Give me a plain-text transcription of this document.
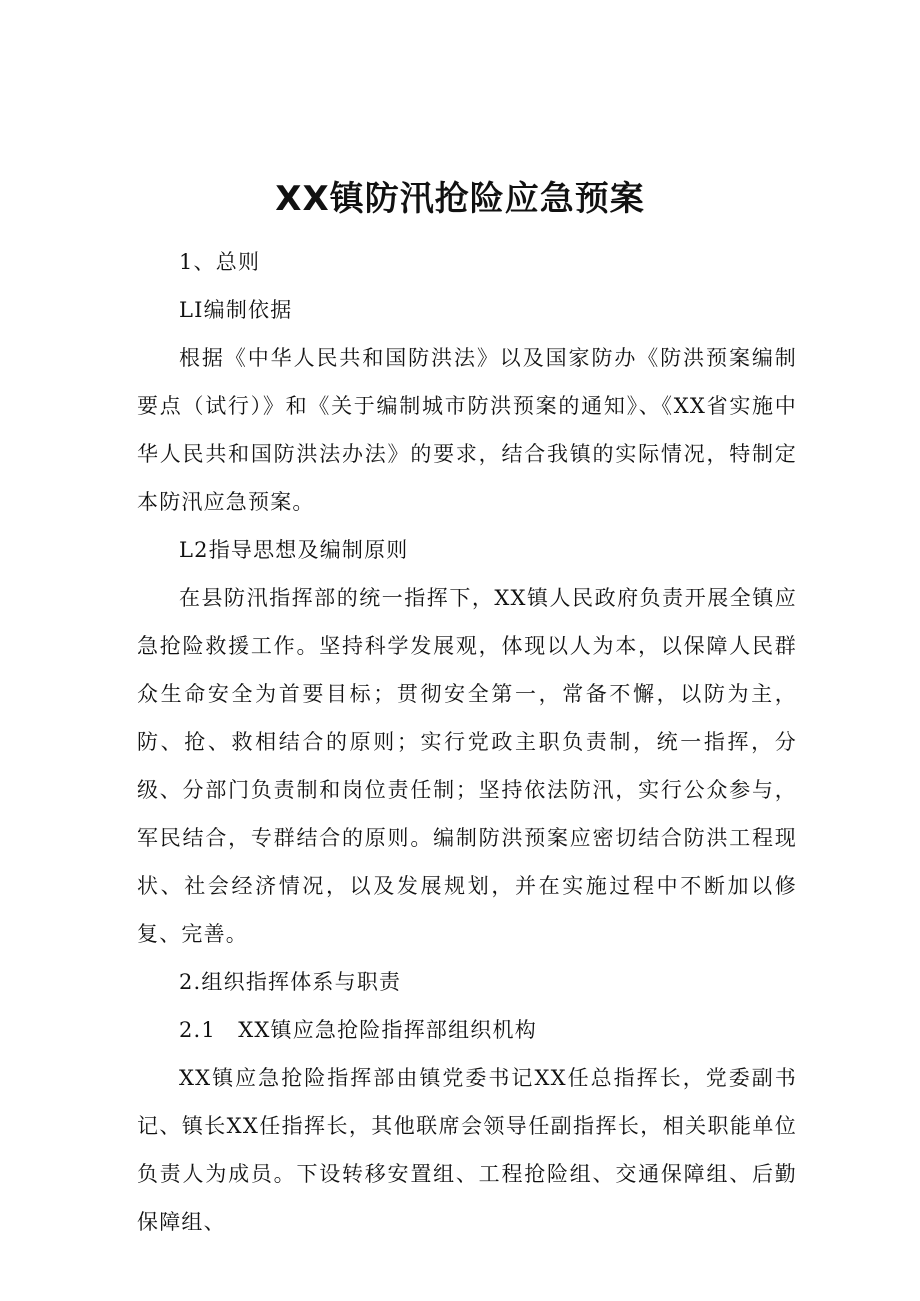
XX镇防汛抢险应急预案

1、总则

LI编制依据

根据《中华人民共和国防洪法》以及国家防办《防洪预案编制要点（试行）》和《关于编制城市防洪预案的通知》、《XX省实施中华人民共和国防洪法办法》的要求，结合我镇的实际情况，特制定本防汛应急预案。

L2指导思想及编制原则

在县防汛指挥部的统一指挥下，XX镇人民政府负责开展全镇应急抢险救援工作。坚持科学发展观，体现以人为本，以保障人民群众生命安全为首要目标；贯彻安全第一，常备不懈，以防为主，防、抢、救相结合的原则；实行党政主职负责制，统一指挥，分级、分部门负责制和岗位责任制；坚持依法防汛，实行公众参与，军民结合，专群结合的原则。编制防洪预案应密切结合防洪工程现状、社会经济情况，以及发展规划，并在实施过程中不断加以修复、完善。

2.组织指挥体系与职责

2.1　XX镇应急抢险指挥部组织机构

XX镇应急抢险指挥部由镇党委书记XX任总指挥长，党委副书记、镇长XX任指挥长，其他联席会领导任副指挥长，相关职能单位负责人为成员。下设转移安置组、工程抢险组、交通保障组、后勤保障组、
